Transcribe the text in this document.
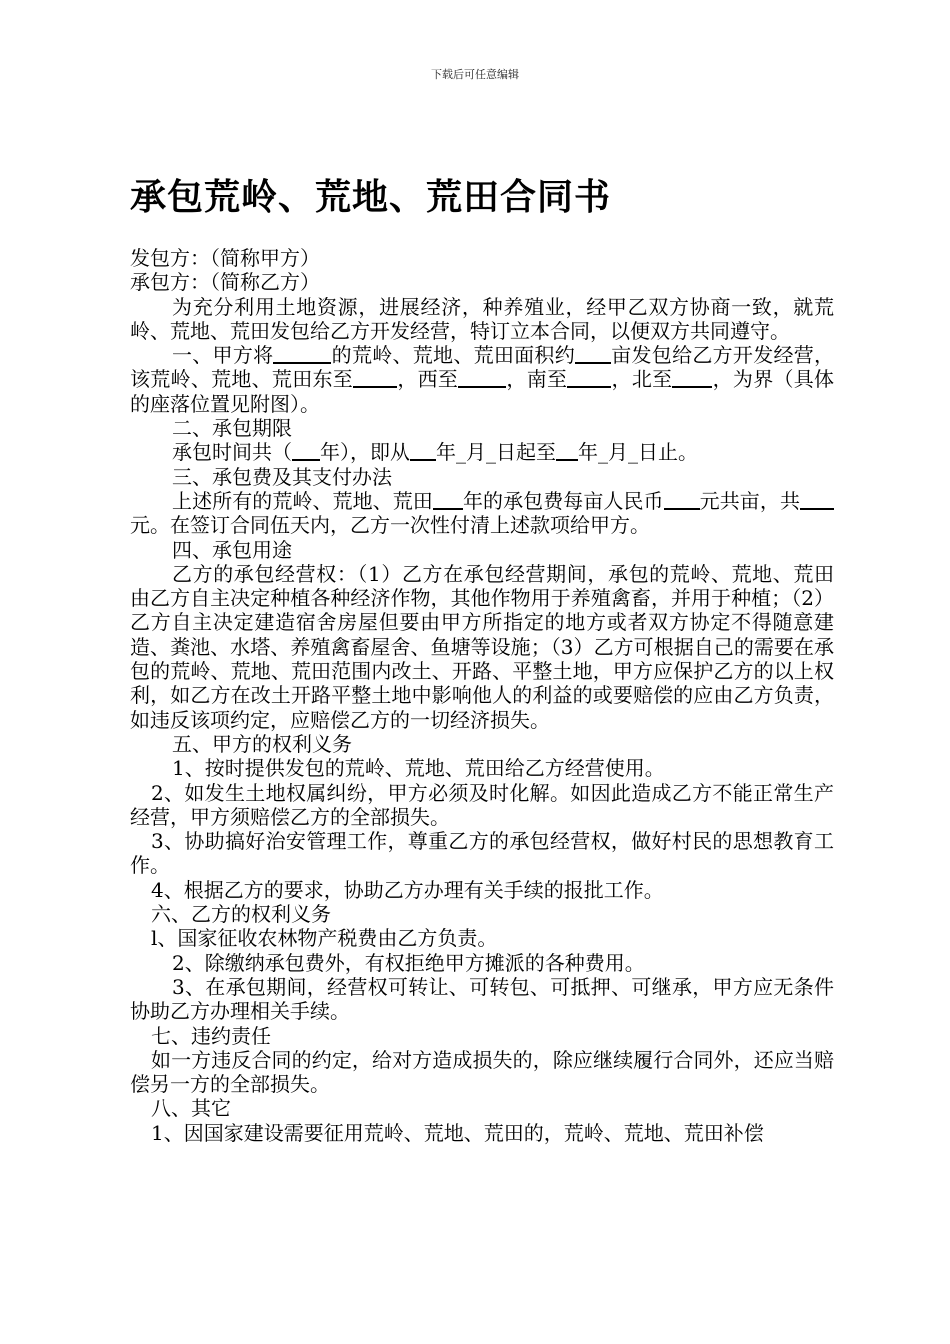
下载后可任意编辑
承包荒岭、荒地、荒田合同书

发包方：（简称甲方）

承包方：（简称乙方）

为充分利用土地资源，进展经济，种养殖业，经甲乙双方协商一致，就荒岭、荒地、荒田发包给乙方开发经营，特订立本合同，以便双方共同遵守。

一、甲方将	的荒岭、荒地、荒田面积约 亩发包给乙方开发经营，该荒岭、荒地、荒田东至 ，西至 ，南至 ，北至 ，为界（具体的座落位置见附图）。

二、承包期限

承包时间共（ 年），即从 年_月_日起至 年_月_日止。

三、承包费及其支付办法

上述所有的荒岭、荒地、荒田 年的承包费每亩人民币 元共亩，共元。在签订合同伍天内，乙方一次性付清上述款项给甲方。

四、承包用途

乙方的承包经营权：（1）乙方在承包经营期间，承包的荒岭、荒地、荒田由乙方自主决定种植各种经济作物，其他作物用于养殖禽畜，并用于种植；（2）乙方自主决定建造宿舍房屋但要由甲方所指定的地方或者双方协定不得随意建造、粪池、水塔、养殖禽畜屋舍、鱼塘等设施；（3）乙方可根据自己的需要在承包的荒岭、荒地、荒田范围内改土、开路、平整土地，甲方应保护乙方的以上权利，如乙方在改土开路平整土地中影响他人的利益的或要赔偿的应由乙方负责，如违反该项约定，应赔偿乙方的一切经济损失。

五、甲方的权利义务

1、按时提供发包的荒岭、荒地、荒田给乙方经营使用。

2、如发生土地权属纠纷，甲方必须及时化解。如因此造成乙方不能正常生产经营，甲方须赔偿乙方的全部损失。

3、协助搞好治安管理工作，尊重乙方的承包经营权，做好村民的思想教育工作。

4、根据乙方的要求，协助乙方办理有关手续的报批工作。

六、乙方的权利义务

l、国家征收农林物产税费由乙方负责。

2、除缴纳承包费外，有权拒绝甲方摊派的各种费用。

3、在承包期间，经营权可转让、可转包、可抵押、可继承，甲方应无条件协助乙方办理相关手续。

七、违约责任

如一方违反合同的约定，给对方造成损失的，除应继续履行合同外，还应当赔偿另一方的全部损失。

八、其它

1、因国家建设需要征用荒岭、荒地、荒田的，荒岭、荒地、荒田补偿
